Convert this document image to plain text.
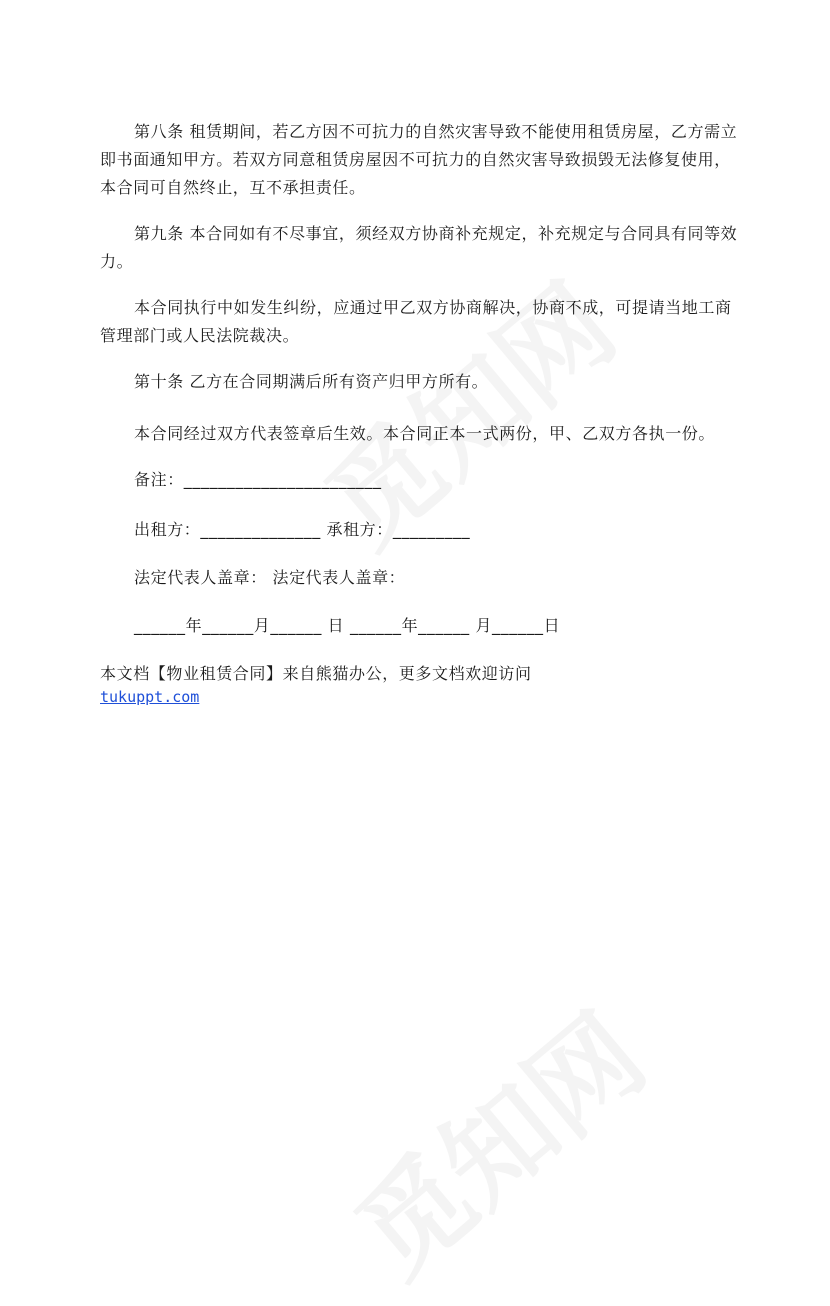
第八条 租赁期间，若乙方因不可抗力的自然灾害导致不能使用租赁房屋，乙方需立即书面通知甲方。若双方同意租赁房屋因不可抗力的自然灾害导致损毁无法修复使用，本合同可自然终止，互不承担责任。

第九条 本合同如有不尽事宜，须经双方协商补充规定，补充规定与合同具有同等效力。

本合同执行中如发生纠纷，应通过甲乙双方协商解决，协商不成，可提请当地工商管理部门或人民法院裁决。

第十条 乙方在合同期满后所有资产归甲方所有。

本合同经过双方代表签章后生效。本合同正本一式两份，甲、乙双方各执一份。

备注：_______________________

出租方：______________ 承租方：_________

法定代表人盖章： 法定代表人盖章：

______年______月______ 日 ______年______ 月______日

本文档【物业租赁合同】来自熊猫办公，更多文档欢迎访问

tukuppt.com
